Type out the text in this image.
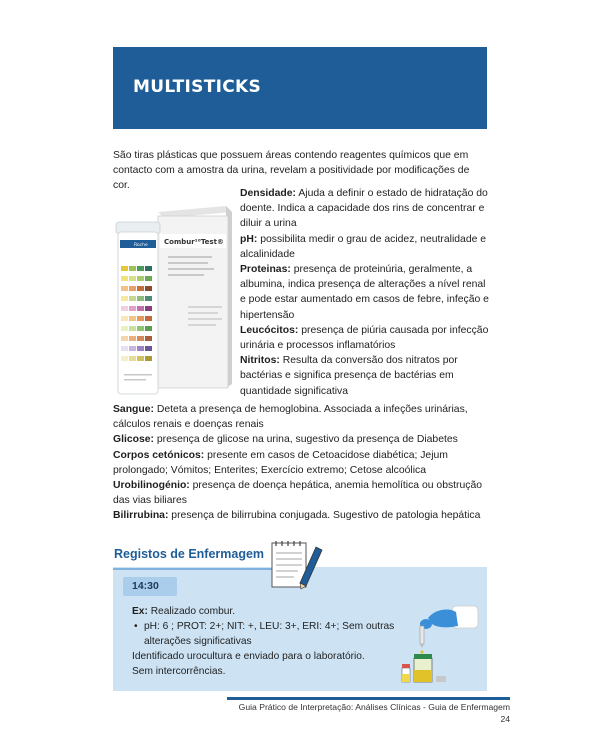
MULTISTICKS

São tiras plásticas que possuem áreas contendo reagentes químicos que em contacto com a amostra da urina, revelam a positividade por modificações de cor.

Combur¹⁰Test®
Roche

Densidade: Ajuda a definir o estado de hidratação do doente. Indica a capacidade dos rins de concentrar e diluir a urina

pH: possibilita medir o grau de acidez, neutralidade e alcalinidade

Proteinas: presença de proteinúria, geralmente, a albumina, indica presença de alterações a nível renal e pode estar aumentado em casos de febre, infeção e hipertensão

Leucócitos: presença de piúria causada por infecção urinária e processos inflamatórios

Nitritos: Resulta da conversão dos nitratos por bactérias e significa presença de bactérias em quantidade significativa

Sangue: Deteta a presença de hemoglobina. Associada a infeções urinárias, cálculos renais e doenças renais

Glicose: presença de glicose na urina, sugestivo da presença de Diabetes

Corpos cetónicos: presente em casos de Cetoacidose diabética; Jejum prolongado; Vómitos; Enterites; Exercício extremo; Cetose alcoólica

Urobilinogénio: presença de doença hepática, anemia hemolítica ou obstrução das vias biliares

Bilirrubina: presença de bilirrubina conjugada. Sugestivo de patologia hepática

Registos de Enfermagem
14:30

Ex: Realizado combur.

• pH: 6 ; PROT: 2+; NIT: +, LEU: 3+, ERI: 4+; Sem outras alterações significativas

Identificado urocultura e enviado para o laboratório.

Sem intercorrências.

Guia Prático de Interpretação: Análises Clínicas - Guia de Enfermagem
24
